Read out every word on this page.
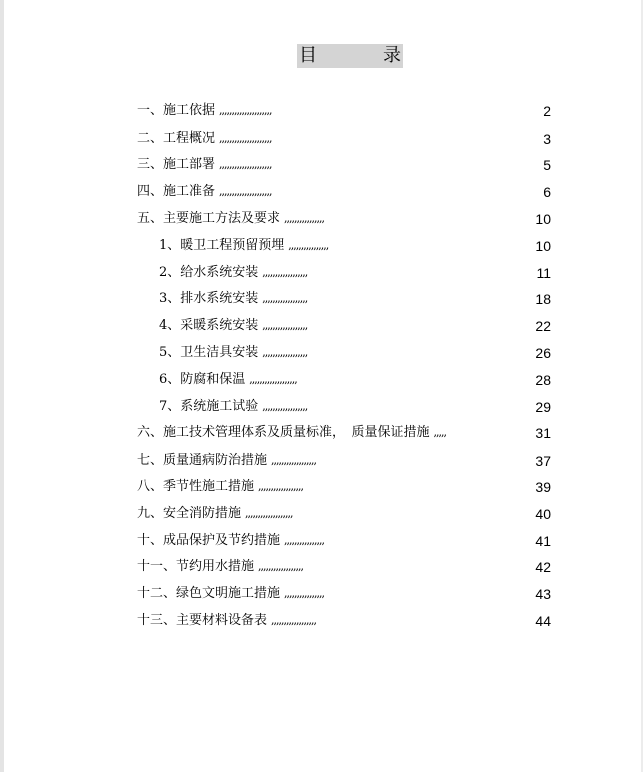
目	录
一、施工依据 ,,,,,,,,,,,,,,,,,,,,,	2
二、工程概况 ,,,,,,,,,,,,,,,,,,,,,	3
三、施工部署 ,,,,,,,,,,,,,,,,,,,,,	5
四、施工准备 ,,,,,,,,,,,,,,,,,,,,,	6
五、主要施工方法及要求 ,,,,,,,,,,,,,,,,	10
1、暖卫工程预留预埋 ,,,,,,,,,,,,,,,,	10
2、给水系统安装 ,,,,,,,,,,,,,,,,,,	11
3、排水系统安装 ,,,,,,,,,,,,,,,,,,	18
4、采暖系统安装 ,,,,,,,,,,,,,,,,,,	22
5、卫生洁具安装 ,,,,,,,,,,,,,,,,,,	26
6、防腐和保温 ,,,,,,,,,,,,,,,,,,,	28
7、系统施工试验 ,,,,,,,,,,,,,,,,,,	29
六、施工技术管理体系及质量标准，　质量保证措施 ,,,,,	31
七、质量通病防治措施 ,,,,,,,,,,,,,,,,,,	37
八、季节性施工措施 ,,,,,,,,,,,,,,,,,,	39
九、安全消防措施 ,,,,,,,,,,,,,,,,,,,	40
十、成品保护及节约措施 ,,,,,,,,,,,,,,,,	41
十一、节约用水措施 ,,,,,,,,,,,,,,,,,,	42
十二、绿色文明施工措施 ,,,,,,,,,,,,,,,,	43
十三、主要材料设备表 ,,,,,,,,,,,,,,,,,,	44
